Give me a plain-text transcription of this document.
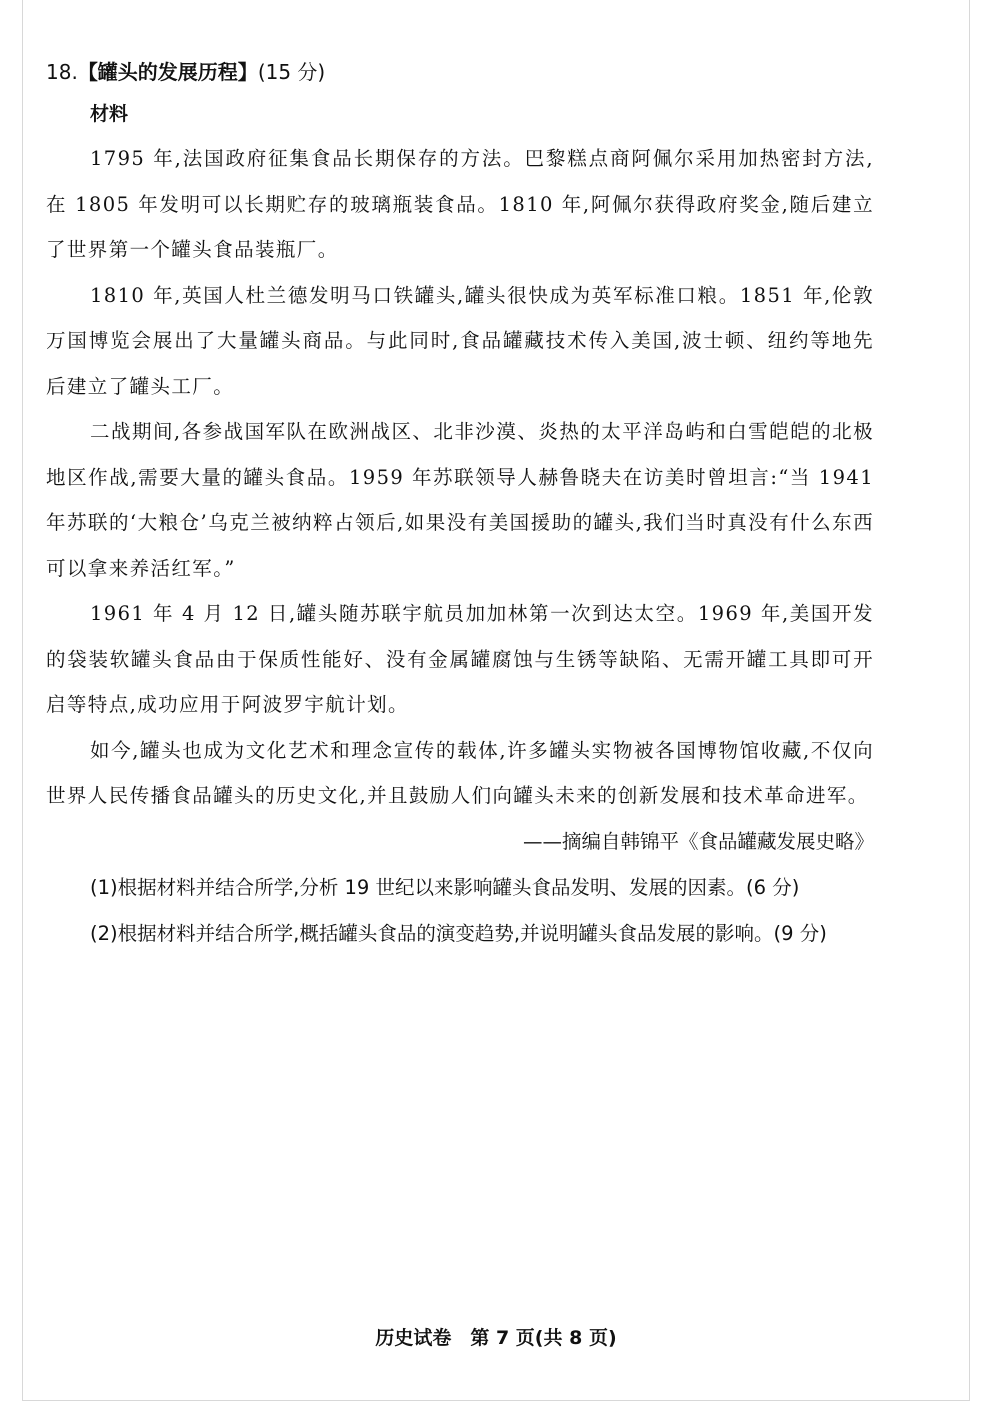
18.【罐头的发展历程】(15 分)
材料

1795 年,法国政府征集食品长期保存的方法。巴黎糕点商阿佩尔采用加热密封方法,在 1805 年发明可以长期贮存的玻璃瓶装食品。1810 年,阿佩尔获得政府奖金,随后建立了世界第一个罐头食品装瓶厂。

1810 年,英国人杜兰德发明马口铁罐头,罐头很快成为英军标准口粮。1851 年,伦敦万国博览会展出了大量罐头商品。与此同时,食品罐藏技术传入美国,波士顿、纽约等地先后建立了罐头工厂。

二战期间,各参战国军队在欧洲战区、北非沙漠、炎热的太平洋岛屿和白雪皑皑的北极地区作战,需要大量的罐头食品。1959 年苏联领导人赫鲁晓夫在访美时曾坦言:“当 1941 年苏联的‘大粮仓’乌克兰被纳粹占领后,如果没有美国援助的罐头,我们当时真没有什么东西可以拿来养活红军。”

1961 年 4 月 12 日,罐头随苏联宇航员加加林第一次到达太空。1969 年,美国开发的袋装软罐头食品由于保质性能好、没有金属罐腐蚀与生锈等缺陷、无需开罐工具即可开启等特点,成功应用于阿波罗宇航计划。

如今,罐头也成为文化艺术和理念宣传的载体,许多罐头实物被各国博物馆收藏,不仅向世界人民传播食品罐头的历史文化,并且鼓励人们向罐头未来的创新发展和技术革命进军。

——摘编自韩锦平《食品罐藏发展史略》

(1)根据材料并结合所学,分析 19 世纪以来影响罐头食品发明、发展的因素。(6 分)

(2)根据材料并结合所学,概括罐头食品的演变趋势,并说明罐头食品发展的影响。(9 分)

历史试卷　第 7 页(共 8 页)
